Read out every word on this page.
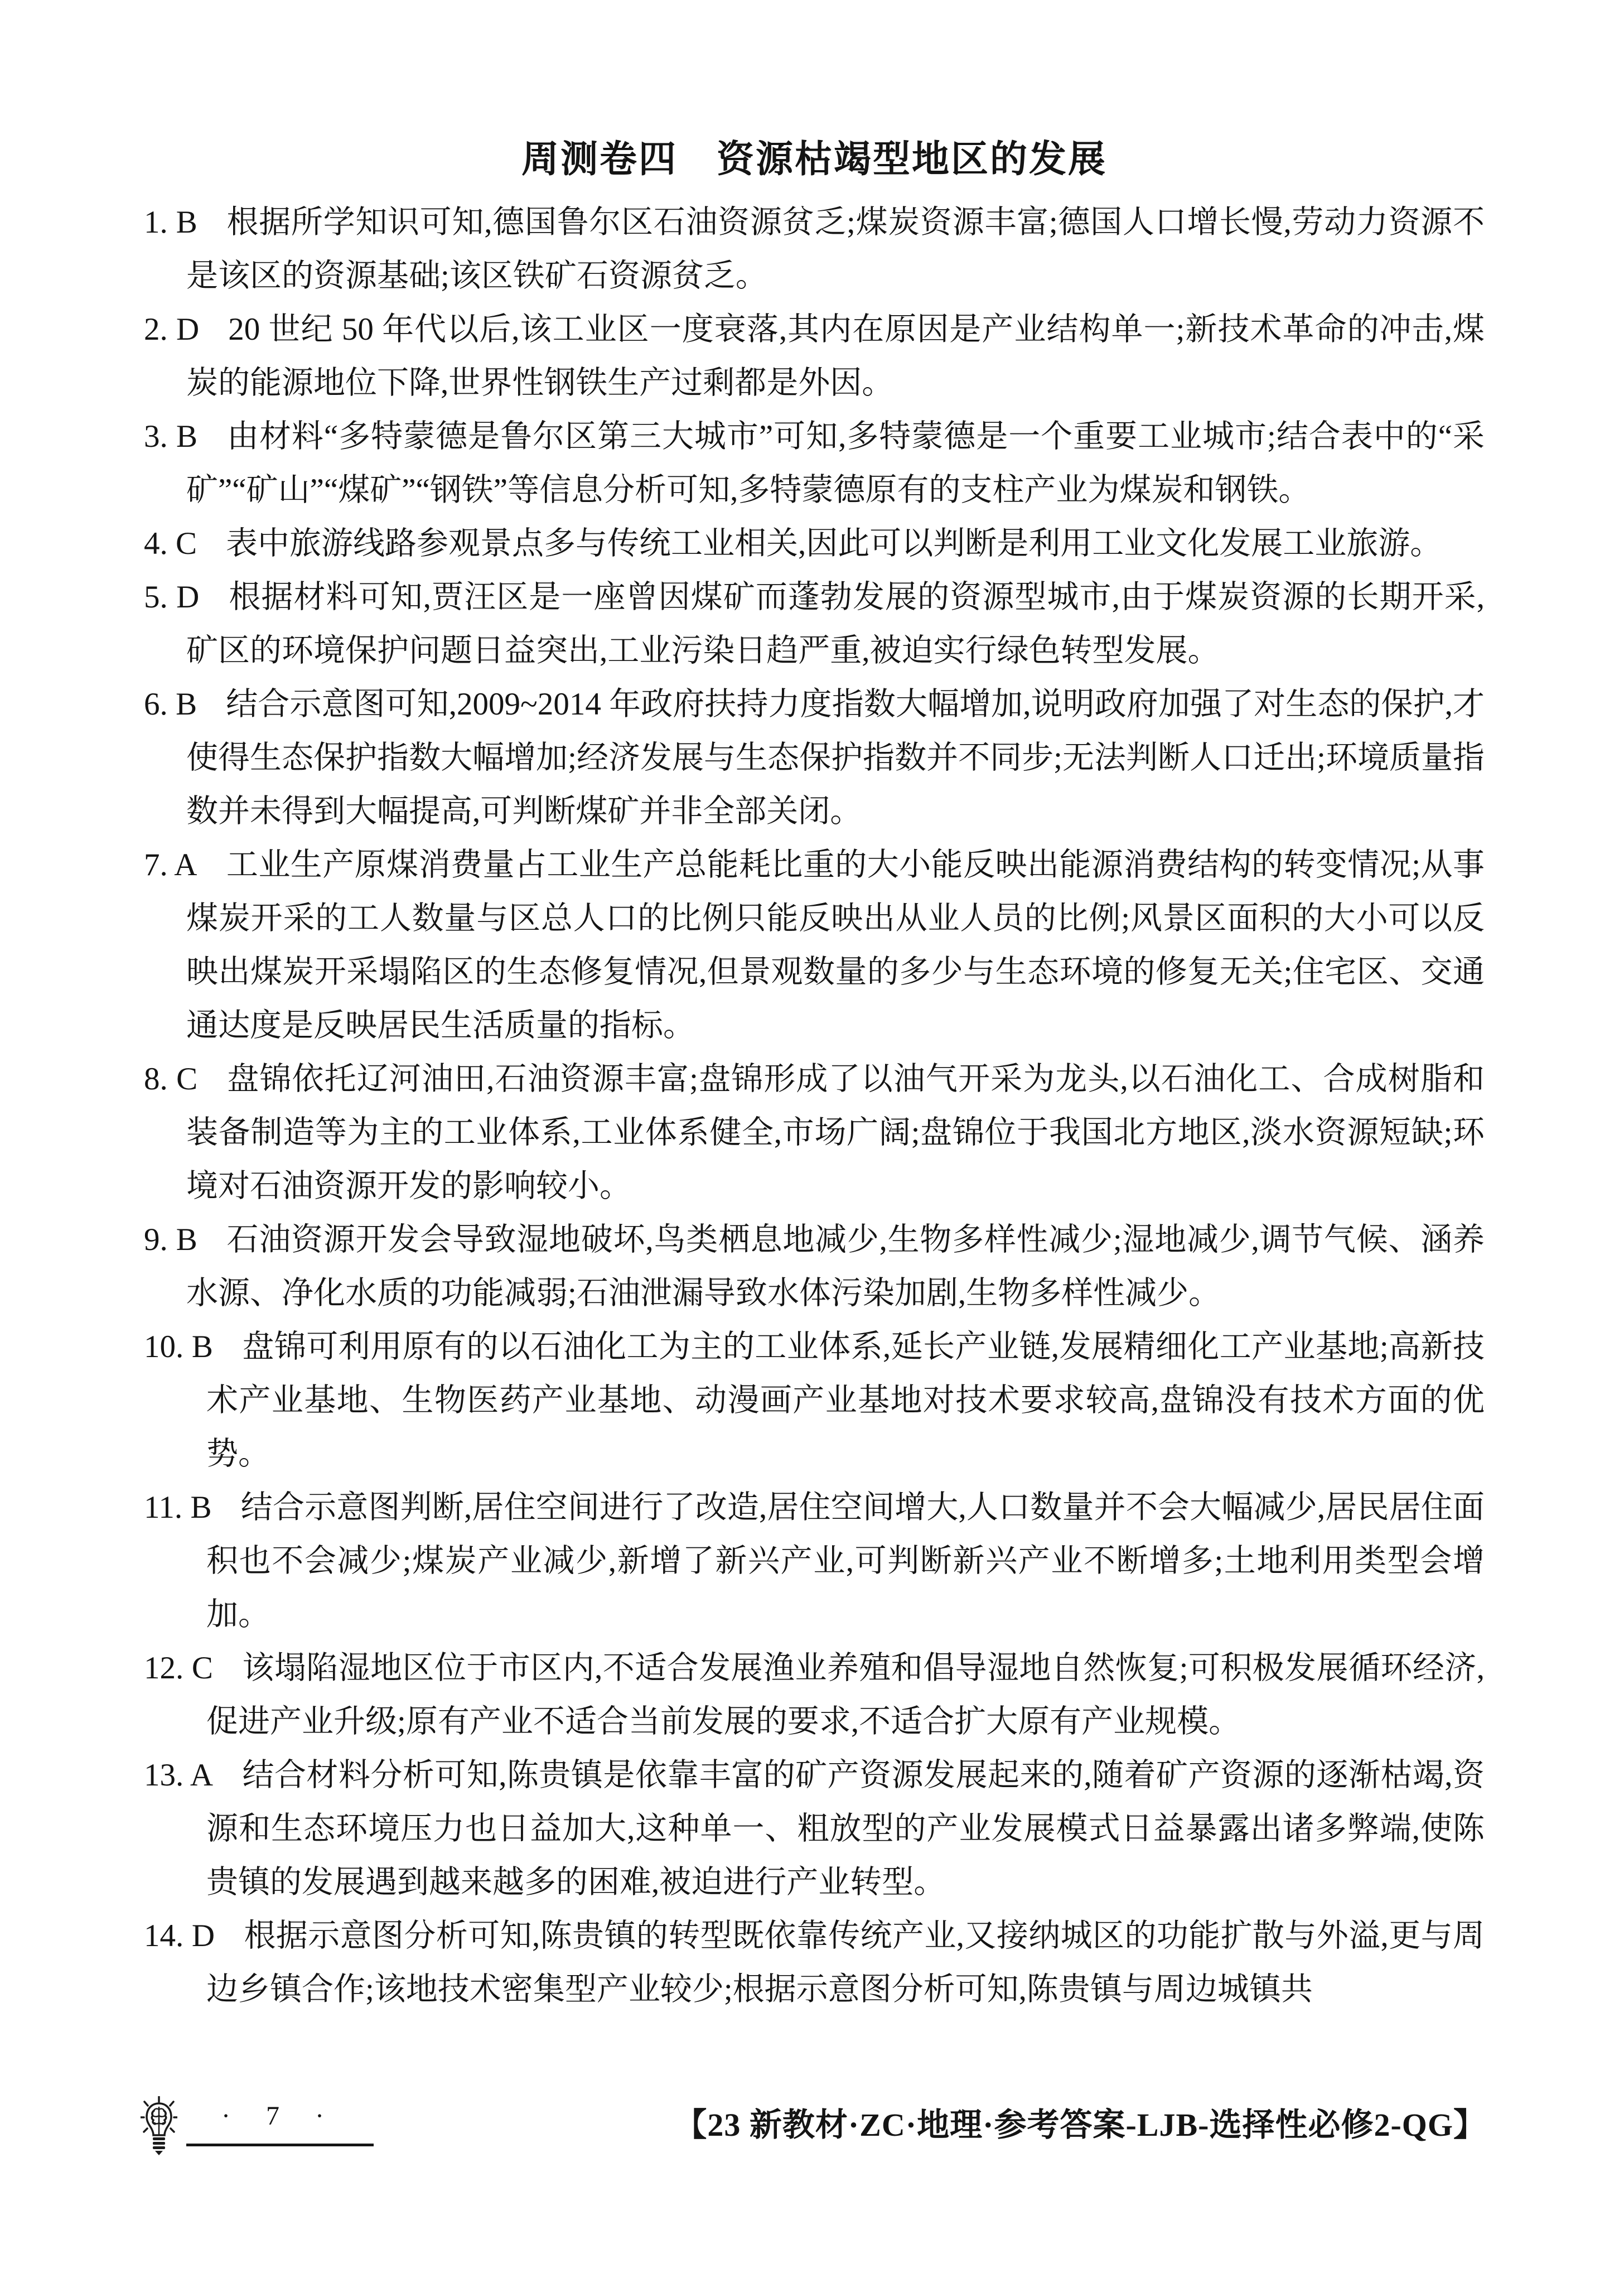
周测卷四　资源枯竭型地区的发展

1. B 根据所学知识可知,德国鲁尔区石油资源贫乏;煤炭资源丰富;德国人口增长慢,劳动力资源不是该区的资源基础;该区铁矿石资源贫乏。

2. D 20 世纪 50 年代以后,该工业区一度衰落,其内在原因是产业结构单一;新技术革命的冲击,煤炭的能源地位下降,世界性钢铁生产过剩都是外因。

3. B 由材料“多特蒙德是鲁尔区第三大城市”可知,多特蒙德是一个重要工业城市;结合表中的“采矿”“矿山”“煤矿”“钢铁”等信息分析可知,多特蒙德原有的支柱产业为煤炭和钢铁。

4. C 表中旅游线路参观景点多与传统工业相关,因此可以判断是利用工业文化发展工业旅游。

5. D 根据材料可知,贾汪区是一座曾因煤矿而蓬勃发展的资源型城市,由于煤炭资源的长期开采,矿区的环境保护问题日益突出,工业污染日趋严重,被迫实行绿色转型发展。

6. B 结合示意图可知,2009~2014 年政府扶持力度指数大幅增加,说明政府加强了对生态的保护,才使得生态保护指数大幅增加;经济发展与生态保护指数并不同步;无法判断人口迁出;环境质量指数并未得到大幅提高,可判断煤矿并非全部关闭。

7. A 工业生产原煤消费量占工业生产总能耗比重的大小能反映出能源消费结构的转变情况;从事煤炭开采的工人数量与区总人口的比例只能反映出从业人员的比例;风景区面积的大小可以反映出煤炭开采塌陷区的生态修复情况,但景观数量的多少与生态环境的修复无关;住宅区、交通通达度是反映居民生活质量的指标。

8. C 盘锦依托辽河油田,石油资源丰富;盘锦形成了以油气开采为龙头,以石油化工、合成树脂和装备制造等为主的工业体系,工业体系健全,市场广阔;盘锦位于我国北方地区,淡水资源短缺;环境对石油资源开发的影响较小。

9. B 石油资源开发会导致湿地破坏,鸟类栖息地减少,生物多样性减少;湿地减少,调节气候、涵养水源、净化水质的功能减弱;石油泄漏导致水体污染加剧,生物多样性减少。

10. B 盘锦可利用原有的以石油化工为主的工业体系,延长产业链,发展精细化工产业基地;高新技术产业基地、生物医药产业基地、动漫画产业基地对技术要求较高,盘锦没有技术方面的优势。

11. B 结合示意图判断,居住空间进行了改造,居住空间增大,人口数量并不会大幅减少,居民居住面积也不会减少;煤炭产业减少,新增了新兴产业,可判断新兴产业不断增多;土地利用类型会增加。

12. C 该塌陷湿地区位于市区内,不适合发展渔业养殖和倡导湿地自然恢复;可积极发展循环经济,促进产业升级;原有产业不适合当前发展的要求,不适合扩大原有产业规模。

13. A 结合材料分析可知,陈贵镇是依靠丰富的矿产资源发展起来的,随着矿产资源的逐渐枯竭,资源和生态环境压力也日益加大,这种单一、粗放型的产业发展模式日益暴露出诸多弊端,使陈贵镇的发展遇到越来越多的困难,被迫进行产业转型。

14. D 根据示意图分析可知,陈贵镇的转型既依靠传统产业,又接纳城区的功能扩散与外溢,更与周边乡镇合作;该地技术密集型产业较少;根据示意图分析可知,陈贵镇与周边城镇共

· 7 ·	【23 新教材·ZC·地理·参考答案-LJB-选择性必修2-QG】
